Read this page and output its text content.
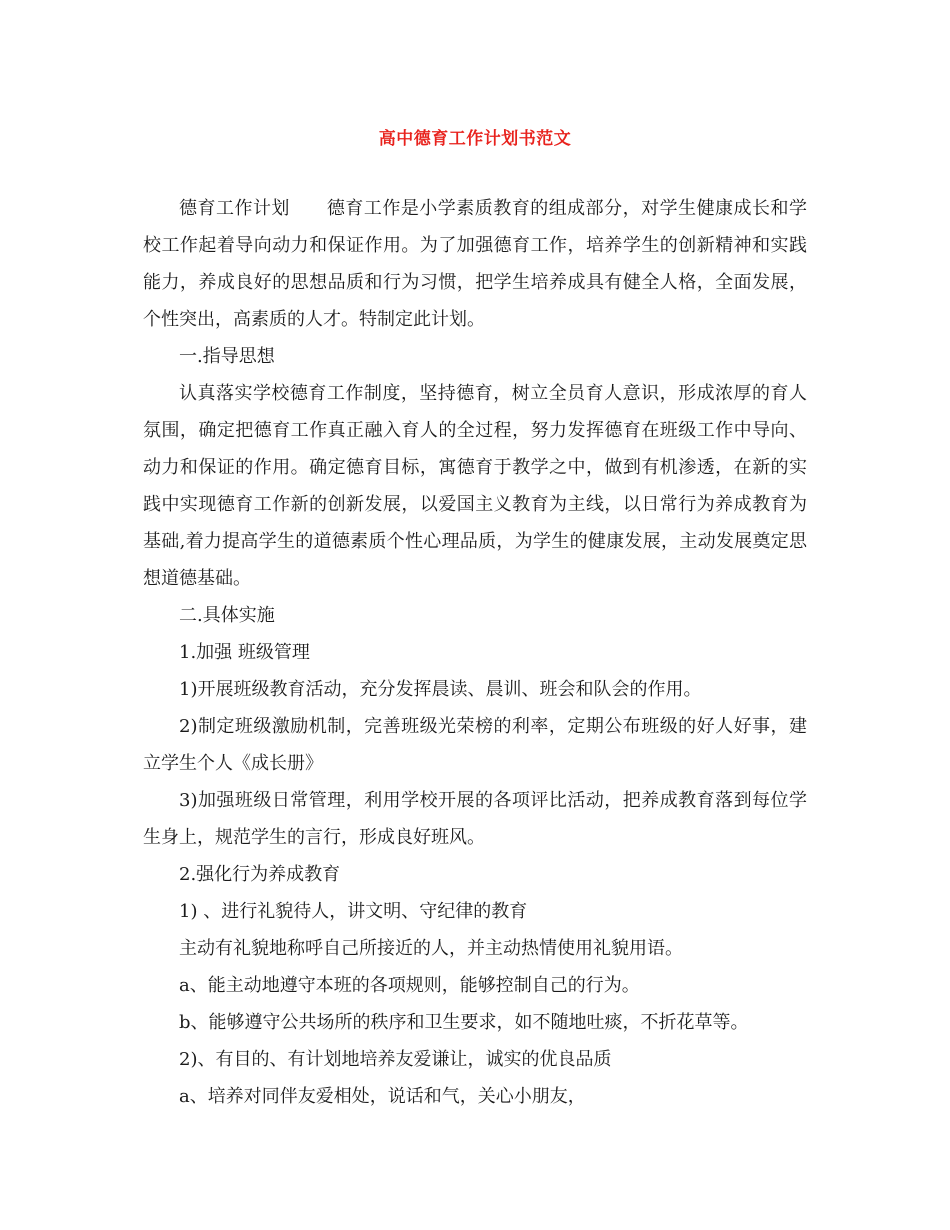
高中德育工作计划书范文

德育工作计划　　德育工作是小学素质教育的组成部分，对学生健康成长和学校工作起着导向动力和保证作用。为了加强德育工作，培养学生的创新精神和实践能力，养成良好的思想品质和行为习惯，把学生培养成具有健全人格，全面发展，个性突出，高素质的人才。特制定此计划。

一.指导思想

认真落实学校德育工作制度，坚持德育，树立全员育人意识，形成浓厚的育人氛围，确定把德育工作真正融入育人的全过程，努力发挥德育在班级工作中导向、动力和保证的作用。确定德育目标，寓德育于教学之中，做到有机渗透，在新的实践中实现德育工作新的创新发展，以爱国主义教育为主线，以日常行为养成教育为基础,着力提高学生的道德素质个性心理品质，为学生的健康发展，主动发展奠定思想道德基础。

二.具体实施

1.加强 班级管理

1)开展班级教育活动，充分发挥晨读、晨训、班会和队会的作用。

2)制定班级激励机制，完善班级光荣榜的利率，定期公布班级的好人好事，建立学生个人《成长册》

3)加强班级日常管理，利用学校开展的各项评比活动，把养成教育落到每位学生身上，规范学生的言行，形成良好班风。

2.强化行为养成教育

1) 、进行礼貌待人，讲文明、守纪律的教育

主动有礼貌地称呼自己所接近的人，并主动热情使用礼貌用语。

a、能主动地遵守本班的各项规则，能够控制自己的行为。

b、能够遵守公共场所的秩序和卫生要求，如不随地吐痰，不折花草等。

2)、有目的、有计划地培养友爱谦让，诚实的优良品质

a、培养对同伴友爱相处，说话和气，关心小朋友，
